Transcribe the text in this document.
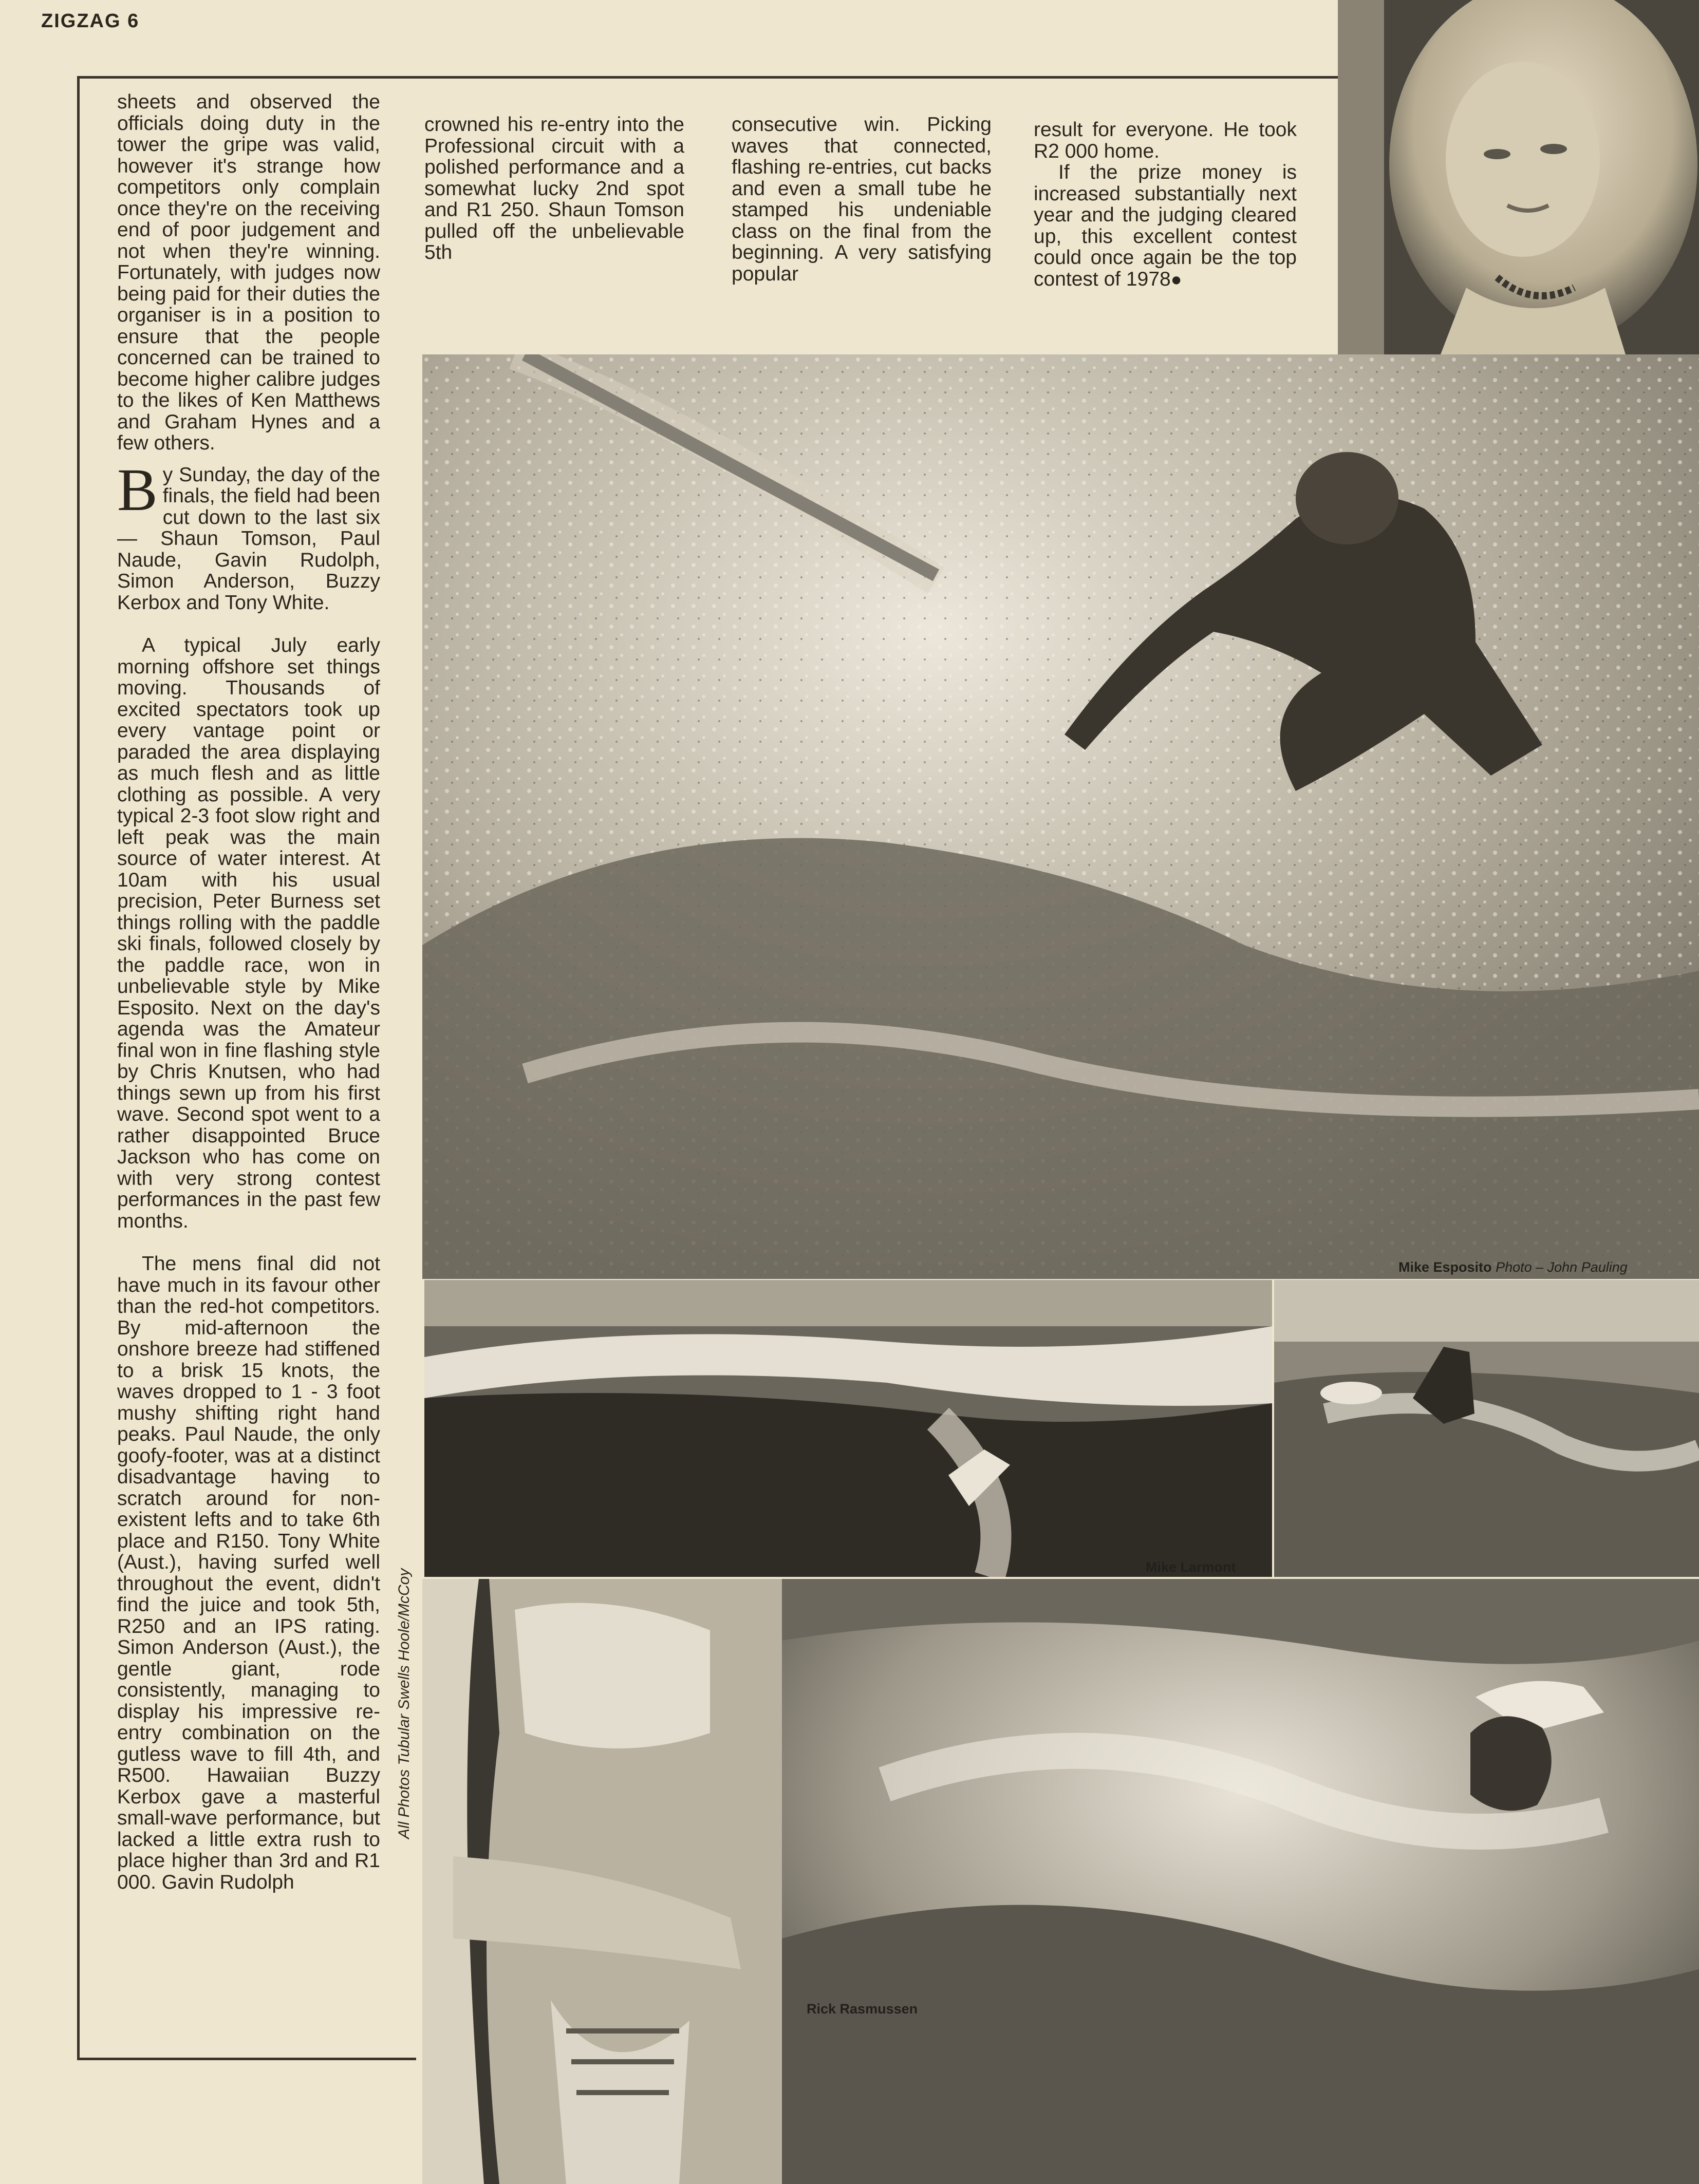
ZIGZAG 6

sheets and observed the officials doing duty in the tower the gripe was valid, however it's strange how competitors only complain once they're on the receiving end of poor judgement and not when they're winning. Fortunately, with judges now being paid for their duties the organiser is in a position to ensure that the people concerned can be trained to become higher calibre judges to the likes of Ken Matthews and Graham Hynes and a few others.

By Sunday, the day of the finals, the field had been cut down to the last six — Shaun Tomson, Paul Naude, Gavin Rudolph, Simon Anderson, Buzzy Kerbox and Tony White.

A typical July early morning offshore set things moving. Thousands of excited spectators took up every vantage point or paraded the area displaying as much flesh and as little clothing as possible. A very typical 2-3 foot slow right and left peak was the main source of water interest. At 10am with his usual precision, Peter Burness set things rolling with the paddle ski finals, followed closely by the paddle race, won in unbelievable style by Mike Esposito. Next on the day's agenda was the Amateur final won in fine flashing style by Chris Knutsen, who had things sewn up from his first wave. Second spot went to a rather disappointed Bruce Jackson who has come on with very strong contest performances in the past few months.

The mens final did not have much in its favour other than the red-hot competitors. By mid-afternoon the onshore breeze had stiffened to a brisk 15 knots, the waves dropped to 1 - 3 foot mushy shifting right hand peaks. Paul Naude, the only goofy-footer, was at a distinct disadvantage having to scratch around for non-existent lefts and to take 6th place and R150. Tony White (Aust.), having surfed well throughout the event, didn't find the juice and took 5th, R250 and an IPS rating. Simon Anderson (Aust.), the gentle giant, rode consistently, managing to display his impressive re-entry combination on the gutless wave to fill 4th, and R500. Hawaiian Buzzy Kerbox gave a masterful small-wave performance, but lacked a little extra rush to place higher than 3rd and R1 000. Gavin Rudolph

crowned his re-entry into the Professional circuit with a polished performance and a somewhat lucky 2nd spot and R1 250. Shaun Tomson pulled off the unbelievable 5th

consecutive win. Picking waves that connected, flashing re-entries, cut backs and even a small tube he stamped his undeniable class on the final from the beginning. A very satisfying popular

result for everyone. He took R2 000 home.

If the prize money is increased substantially next year and the judging cleared up, this excellent contest could once again be the top contest of 1978●

Mike Esposito Photo – John Pauling
Mike Larmont
All Photos Tubular Swells Hoole/McCoy
Rick Rasmussen
